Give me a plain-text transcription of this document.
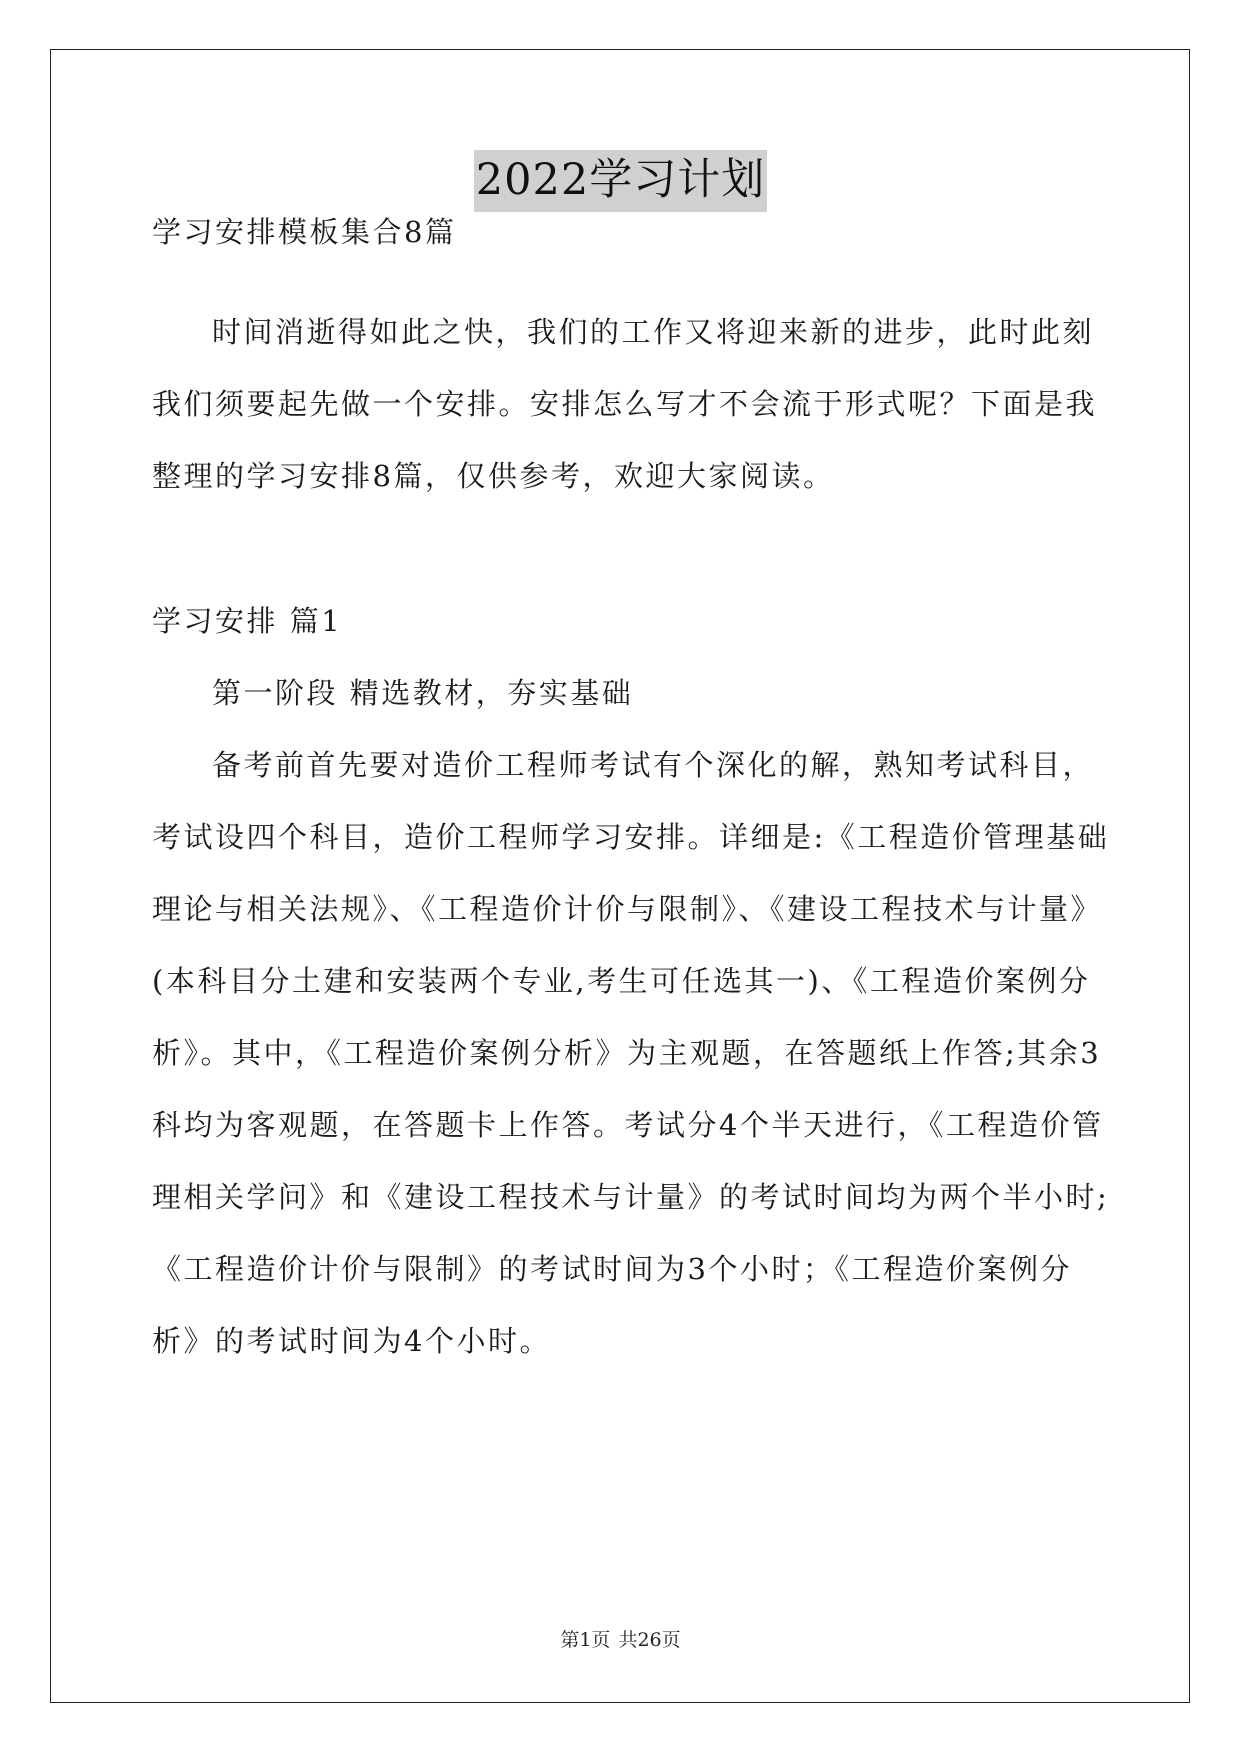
2022学习计划
学习安排模板集合8篇
时间消逝得如此之快，我们的工作又将迎来新的进步，此时此刻
我们须要起先做一个安排。安排怎么写才不会流于形式呢？下面是我
整理的学习安排8篇，仅供参考，欢迎大家阅读。
学习安排 篇1
第一阶段 精选教材，夯实基础
备考前首先要对造价工程师考试有个深化的解，熟知考试科目，
考试设四个科目，造价工程师学习安排。详细是:《工程造价管理基础
理论与相关法规》、《工程造价计价与限制》、《建设工程技术与计量》
(本科目分土建和安装两个专业,考生可任选其一)、《工程造价案例分
析》。其中，《工程造价案例分析》为主观题，在答题纸上作答;其余3
科均为客观题，在答题卡上作答。考试分4个半天进行，《工程造价管
理相关学问》和《建设工程技术与计量》的考试时间均为两个半小时;
《工程造价计价与限制》的考试时间为3个小时；《工程造价案例分
析》的考试时间为4个小时。
第1页 共26页
